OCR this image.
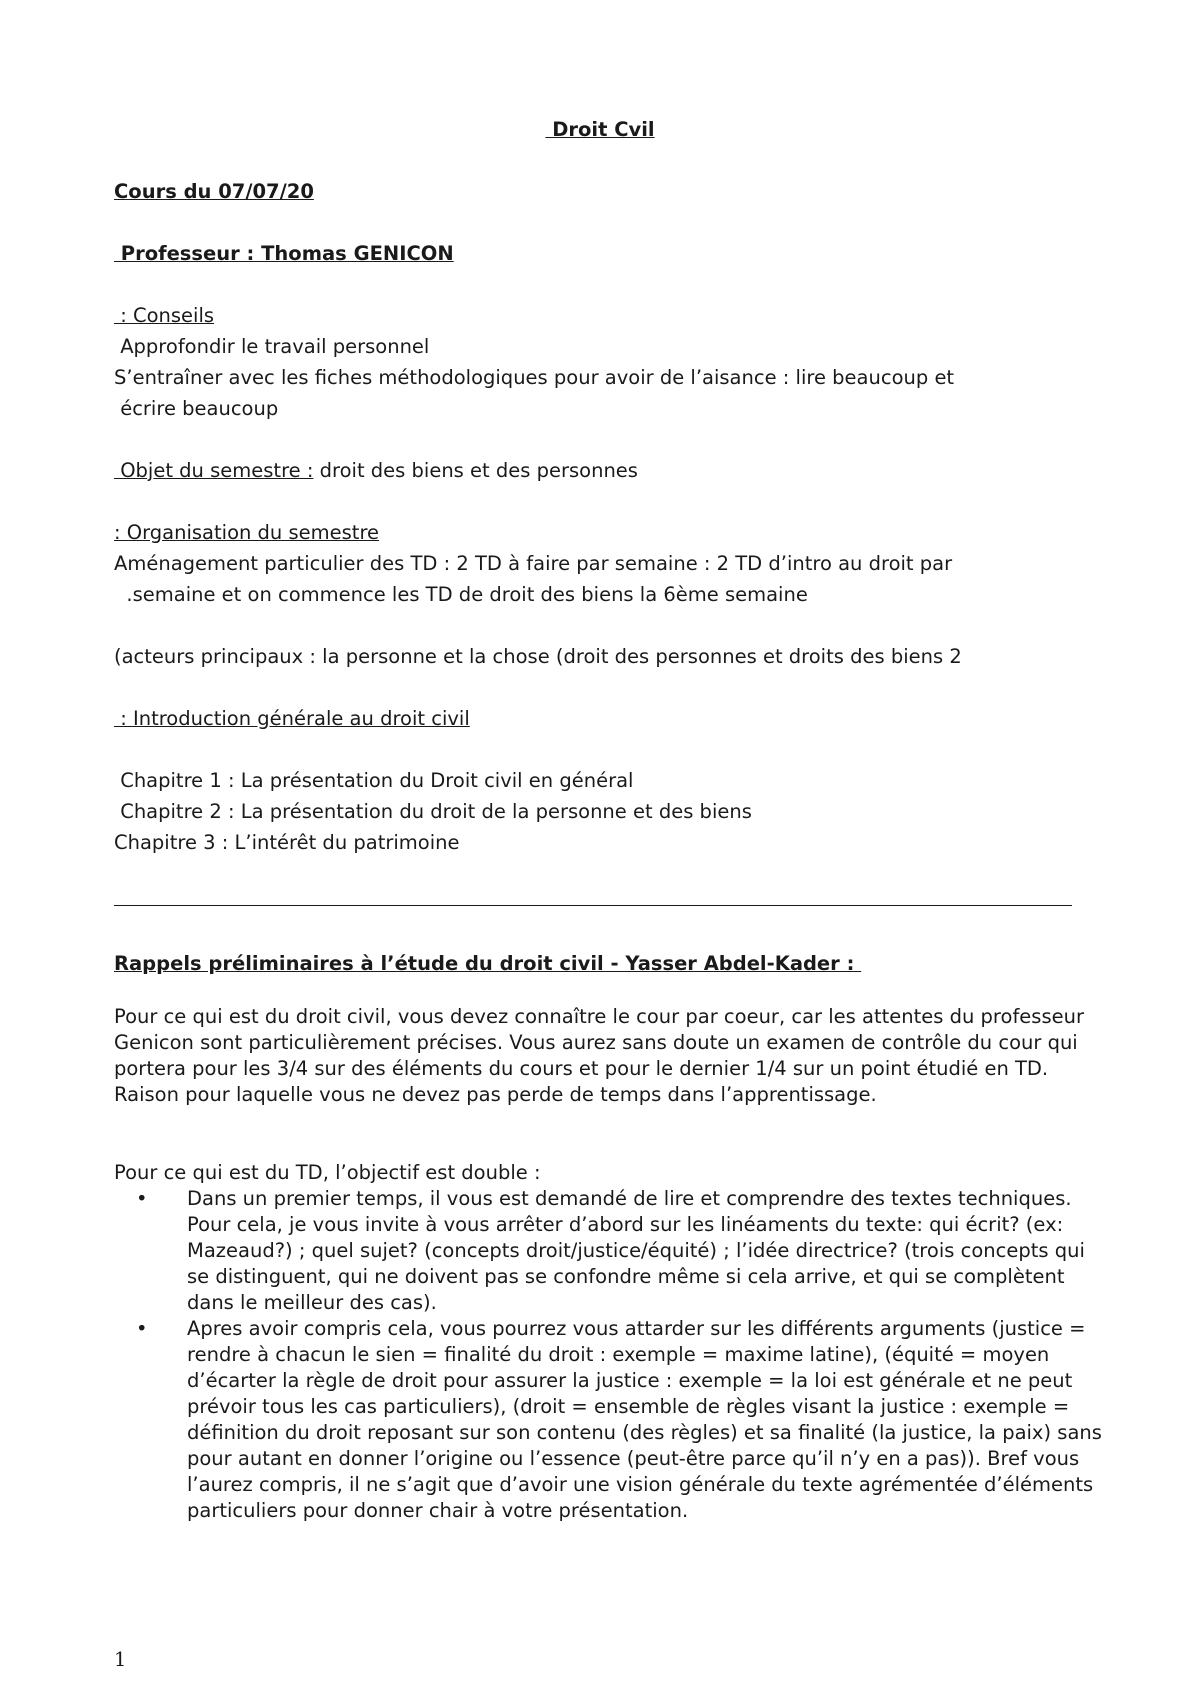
Droit Cvil

Cours du 07/07/20

Professeur : Thomas GENICON

: Conseils

Approfondir le travail personnel

S’entraîner avec les fiches méthodologiques pour avoir de l’aisance : lire beaucoup et

écrire beaucoup

Objet du semestre : droit des biens et des personnes

: Organisation du semestre

Aménagement particulier des TD : 2 TD à faire par semaine : 2 TD d’intro au droit par

.semaine et on commence les TD de droit des biens la 6ème semaine

(acteurs principaux : la personne et la chose (droit des personnes et droits des biens 2

: Introduction générale au droit civil

Chapitre 1 : La présentation du Droit civil en général

Chapitre 2 : La présentation du droit de la personne et des biens

Chapitre 3 : L’intérêt du patrimoine

Rappels préliminaires à l’étude du droit civil - Yasser Abdel-Kader :

Pour ce qui est du droit civil, vous devez connaître le cour par coeur, car les attentes du professeur Genicon sont particulièrement précises. Vous aurez sans doute un examen de contrôle du cour qui portera pour les 3/4 sur des éléments du cours et pour le dernier 1/4 sur un point étudié en TD. Raison pour laquelle vous ne devez pas perde de temps dans l’apprentissage.

Pour ce qui est du TD, l’objectif est double :

• Dans un premier temps, il vous est demandé de lire et comprendre des textes techniques. Pour cela, je vous invite à vous arrêter d’abord sur les linéaments du texte: qui écrit? (ex: Mazeaud?) ; quel sujet? (concepts droit/justice/équité) ; l’idée directrice? (trois concepts qui se distinguent, qui ne doivent pas se confondre même si cela arrive, et qui se complètent dans le meilleur des cas).
• Apres avoir compris cela, vous pourrez vous attarder sur les différents arguments (justice = rendre à chacun le sien = finalité du droit : exemple = maxime latine), (équité = moyen d’écarter la règle de droit pour assurer la justice : exemple = la loi est générale et ne peut prévoir tous les cas particuliers), (droit = ensemble de règles visant la justice : exemple = définition du droit reposant sur son contenu (des règles) et sa finalité (la justice, la paix) sans pour autant en donner l’origine ou l’essence (peut-être parce qu’il n’y en a pas)). Bref vous l’aurez compris, il ne s’agit que d’avoir une vision générale du texte agrémentée d’éléments particuliers pour donner chair à votre présentation.
1
